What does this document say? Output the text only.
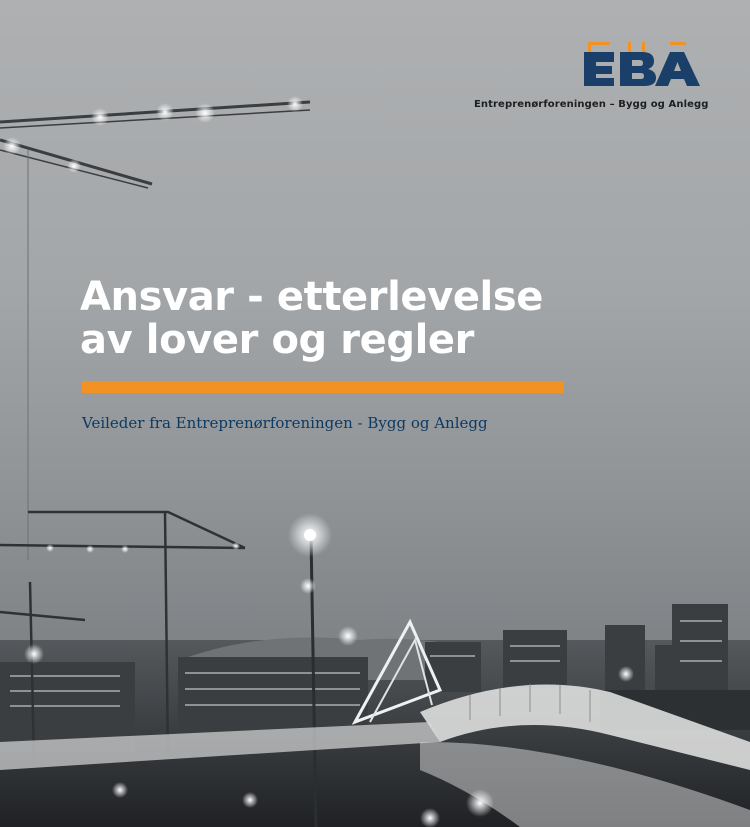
Entreprenørforeningen – Bygg og Anlegg
Ansvar - etterlevelse
av lover og regler

Veileder fra Entreprenørforeningen - Bygg og Anlegg
